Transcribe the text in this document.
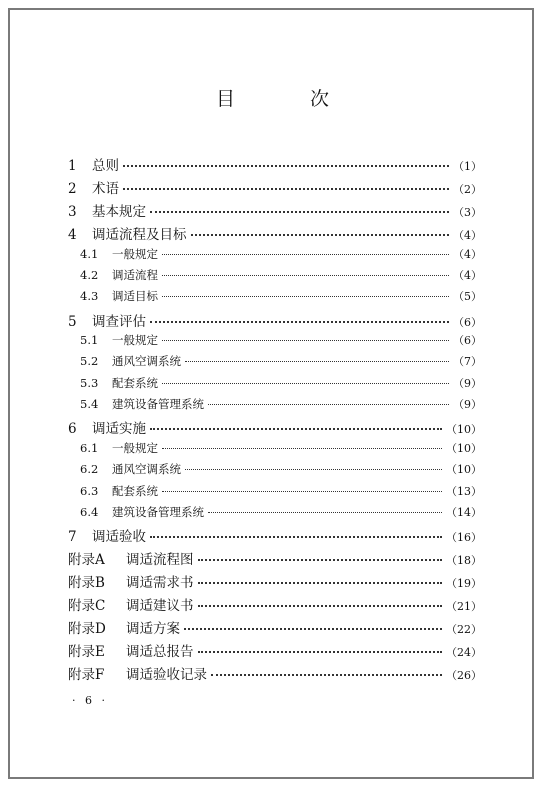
目　次
1	总则	（1）
2	术语	（2）
3	基本规定	（3）
4	调适流程及目标	（4）
4.1	一般规定	（4）
4.2	调适流程	（4）
4.3	调适目标	（5）
5	调查评估	（6）
5.1	一般规定	（6）
5.2	通风空调系统	（7）
5.3	配套系统	（9）
5.4	建筑设备管理系统	（9）
6	调适实施	（10）
6.1	一般规定	（10）
6.2	通风空调系统	（10）
6.3	配套系统	（13）
6.4	建筑设备管理系统	（14）
7	调适验收	（16）
附录A	调适流程图	（18）
附录B	调适需求书	（19）
附录C	调适建议书	（21）
附录D	调适方案	（22）
附录E	调适总报告	（24）
附录F	调适验收记录	（26）
· 6 ·
